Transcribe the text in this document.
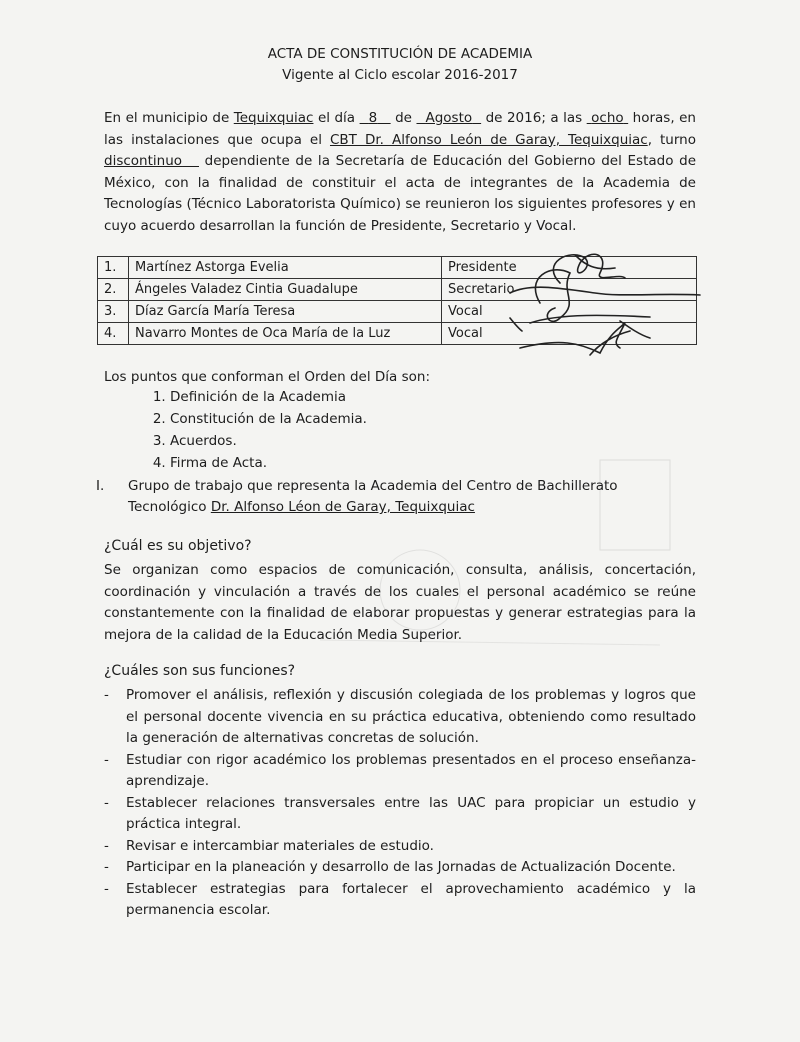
ACTA DE CONSTITUCIÓN DE ACADEMIA
Vigente al Ciclo escolar 2016-2017
En el municipio de Tequixquiac el día   8    de   Agosto   de 2016; a las  ocho  horas, en las instalaciones que ocupa el CBT Dr. Alfonso León de Garay, Tequixquiac, turno discontinuo    dependiente de la Secretaría de Educación del Gobierno del Estado de México, con la finalidad de constituir el acta de integrantes de la Academia de Tecnologías (Técnico Laboratorista Químico) se reunieron los siguientes profesores y en cuyo acuerdo desarrollan la función de Presidente, Secretario y Vocal.
1.	Martínez Astorga Evelia	Presidente
2.	Ángeles Valadez Cintia Guadalupe	Secretario
3.	Díaz García María Teresa	Vocal
4.	Navarro Montes de Oca María de la Luz	Vocal
Los puntos que conforman el Orden del Día son:
1. Definición de la Academia
2. Constitución de la Academia.
3. Acuerdos.
4. Firma de Acta.
I. Grupo de trabajo que representa la Academia del Centro de Bachillerato
Tecnológico Dr. Alfonso Léon de Garay, Tequixquiac
¿Cuál es su objetivo?
Se organizan como espacios de comunicación, consulta, análisis, concertación, coordinación y vinculación a través de los cuales el personal académico se reúne constantemente con la finalidad de elaborar propuestas y generar estrategias para la mejora de la calidad de la Educación Media Superior.
¿Cuáles son sus funciones?
- Promover el análisis, reflexión y discusión colegiada de los problemas y logros que el personal docente vivencia en su práctica educativa, obteniendo como resultado la generación de alternativas concretas de solución.
- Estudiar con rigor académico los problemas presentados en el proceso enseñanza-aprendizaje.
- Establecer relaciones transversales entre las UAC para propiciar un estudio y práctica integral.
- Revisar e intercambiar materiales de estudio.
- Participar en la planeación y desarrollo de las Jornadas de Actualización Docente.
- Establecer estrategias para fortalecer el aprovechamiento académico y la permanencia escolar.
